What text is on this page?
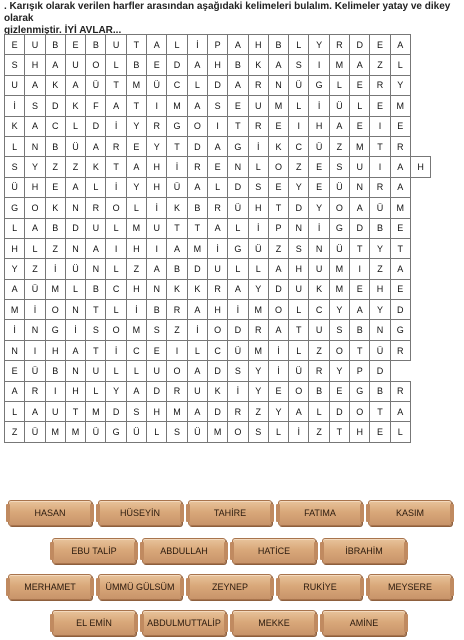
. Karışık olarak verilen harfler arasından aşağıdaki kelimeleri bulalım. Kelimeler yatay ve dikey olarak
gizlenmiştir. İYİ AVLAR...
E	U	B	E	B	U	T	A	L	İ	P	A	H	B	L	Y	R	D	E	A	
S	H	A	U	O	L	B	E	D	A	H	B	K	A	S	I	M	A	Z	L	
U	A	K	A	Ü	T	M	Ü	C	L	D	A	R	N	Ü	G	L	E	R	Y	
İ	S	D	K	F	A	T	I	M	A	S	E	U	M	L	İ	Ü	L	E	M	
K	A	C	L	D	İ	Y	R	G	O	I	T	R	E	I	H	A	E	I	E	
L	N	B	Ü	A	R	E	Y	T	D	A	G	İ	K	C	Ü	Z	M	T	R	
S	Y	Z	Z	K	T	A	H	İ	R	E	N	L	O	Z	E	S	U	I	A	H
Ü	H	E	A	L	İ	Y	H	Ü	A	L	D	S	E	Y	E	Ü	N	R	A	
G	O	K	N	R	O	L	İ	K	B	R	Ü	H	T	D	Y	O	A	Ü	M	
L	A	B	D	U	L	M	U	T	T	A	L	İ	P	N	İ	G	D	B	E	
H	L	Z	N	A	I	H	I	A	M	İ	G	Ü	Z	S	N	Ü	T	Y	T	
Y	Z	İ	Ü	N	L	Z	A	B	D	U	L	L	A	H	U	M	I	Z	A	
A	Ü	M	L	B	C	H	N	K	K	R	A	Y	D	U	K	M	E	H	E	
M	İ	O	N	T	L	İ	B	R	A	H	İ	M	O	L	C	Y	A	Y	D	
İ	N	G	İ	S	O	M	S	Z	İ	O	D	R	A	T	U	S	B	N	G	
N	I	H	A	T	İ	C	E	I	L	C	Ü	M	İ	L	Z	O	T	Ü	R	
E	Ü	B	N	U	L	L	U	O	A	D	S	Y	İ	Ü	R	Y	P	D		
A	R	I	H	L	Y	A	D	R	U	K	İ	Y	E	O	B	E	G	B	R	
L	A	U	T	M	D	S	H	M	A	D	R	Z	Y	A	L	D	O	T	A	
Z	Ü	M	M	Ü	G	Ü	L	S	Ü	M	O	S	L	İ	Z	T	H	E	L	
HASAN	HÜSEYİN	TAHİRE	FATIMA	KASIM
EBU TALİP	ABDULLAH	HATİCE	İBRAHİM
MERHAMET	ÜMMÜ GÜLSÜM	ZEYNEP	RUKİYE	MEYSERE
EL EMİN	ABDULMUTTALİP	MEKKE	AMİNE
